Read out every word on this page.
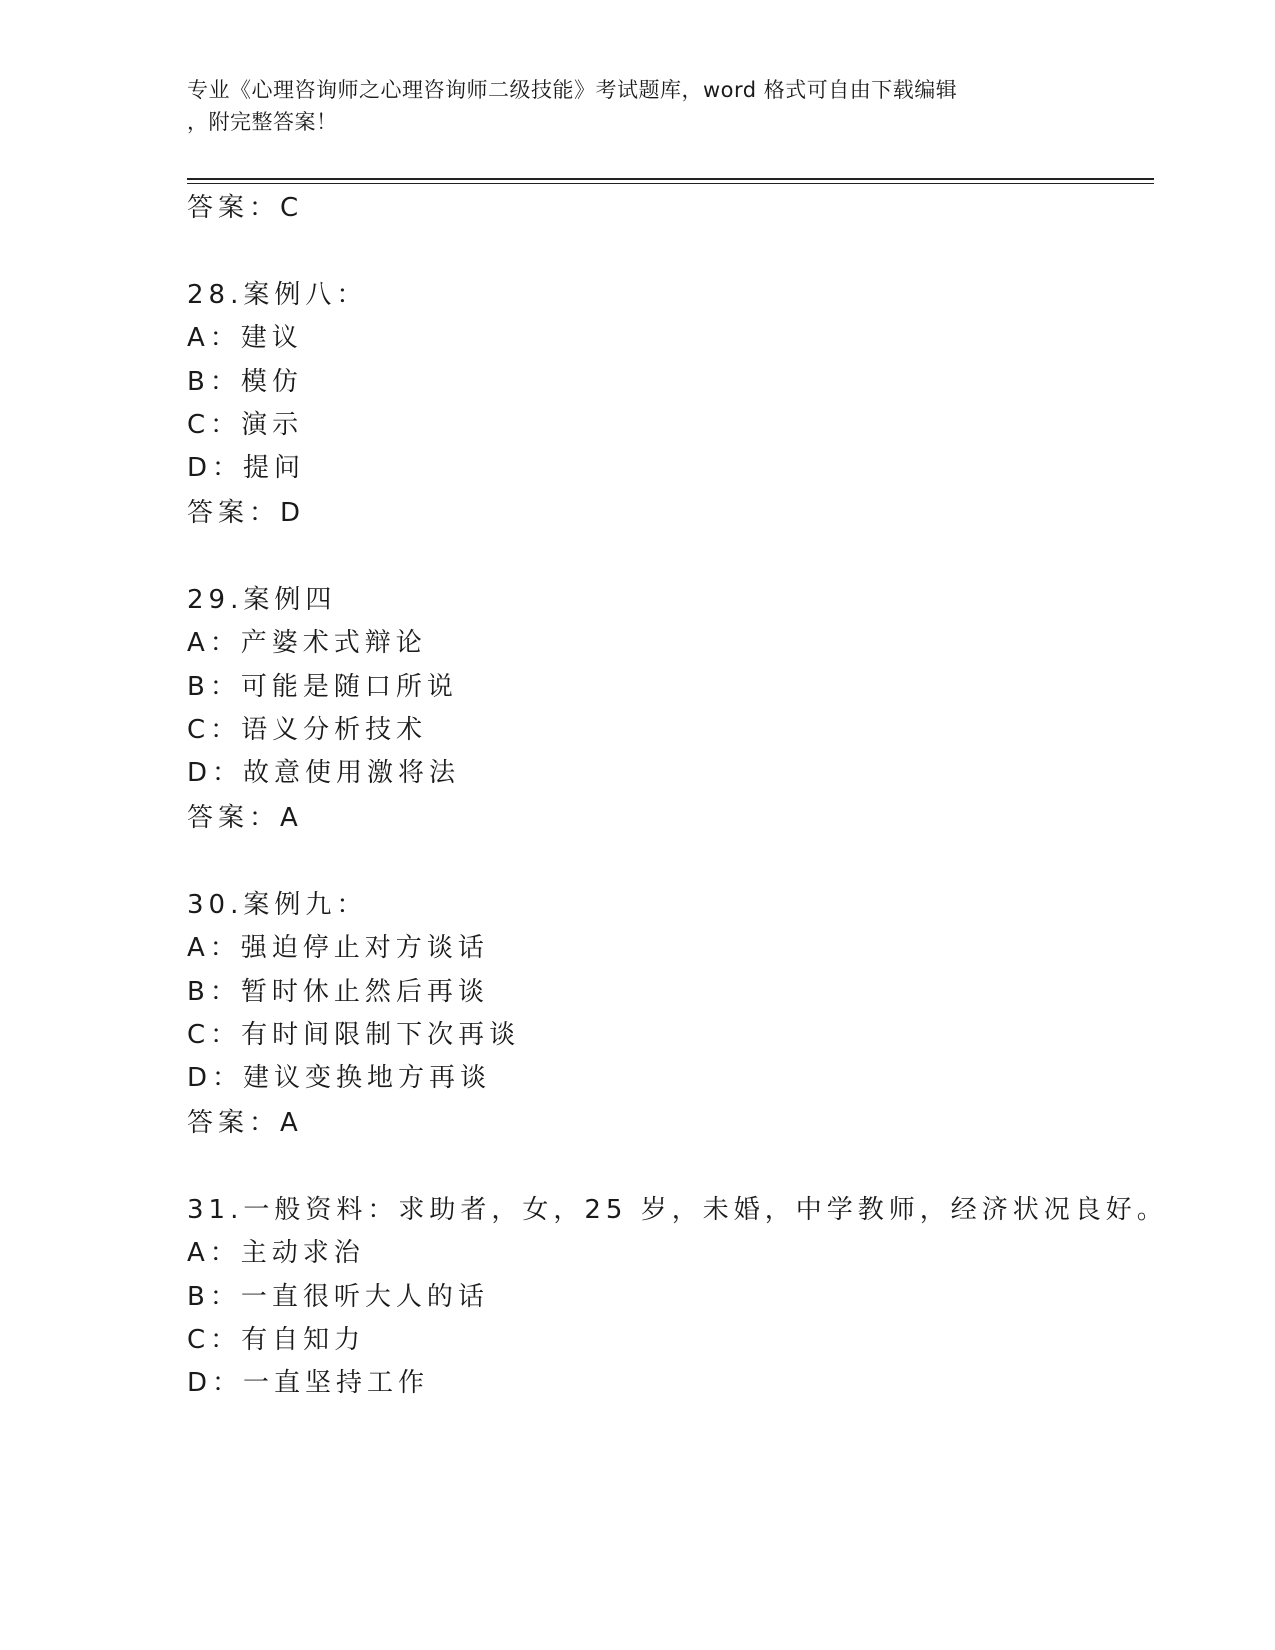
专业《心理咨询师之心理咨询师二级技能》考试题库，word 格式可自由下载编辑
，附完整答案！
答案：C
28.案例八：
A：建议
B：模仿
C：演示
D：提问
答案：D
29.案例四
A：产婆术式辩论
B：可能是随口所说
C：语义分析技术
D：故意使用激将法
答案：A
30.案例九：
A：强迫停止对方谈话
B：暂时休止然后再谈
C：有时间限制下次再谈
D：建议变换地方再谈
答案：A
31.一般资料：求助者，女，25 岁，未婚，中学教师，经济状况良好。
A：主动求治
B：一直很听大人的话
C：有自知力
D：一直坚持工作
